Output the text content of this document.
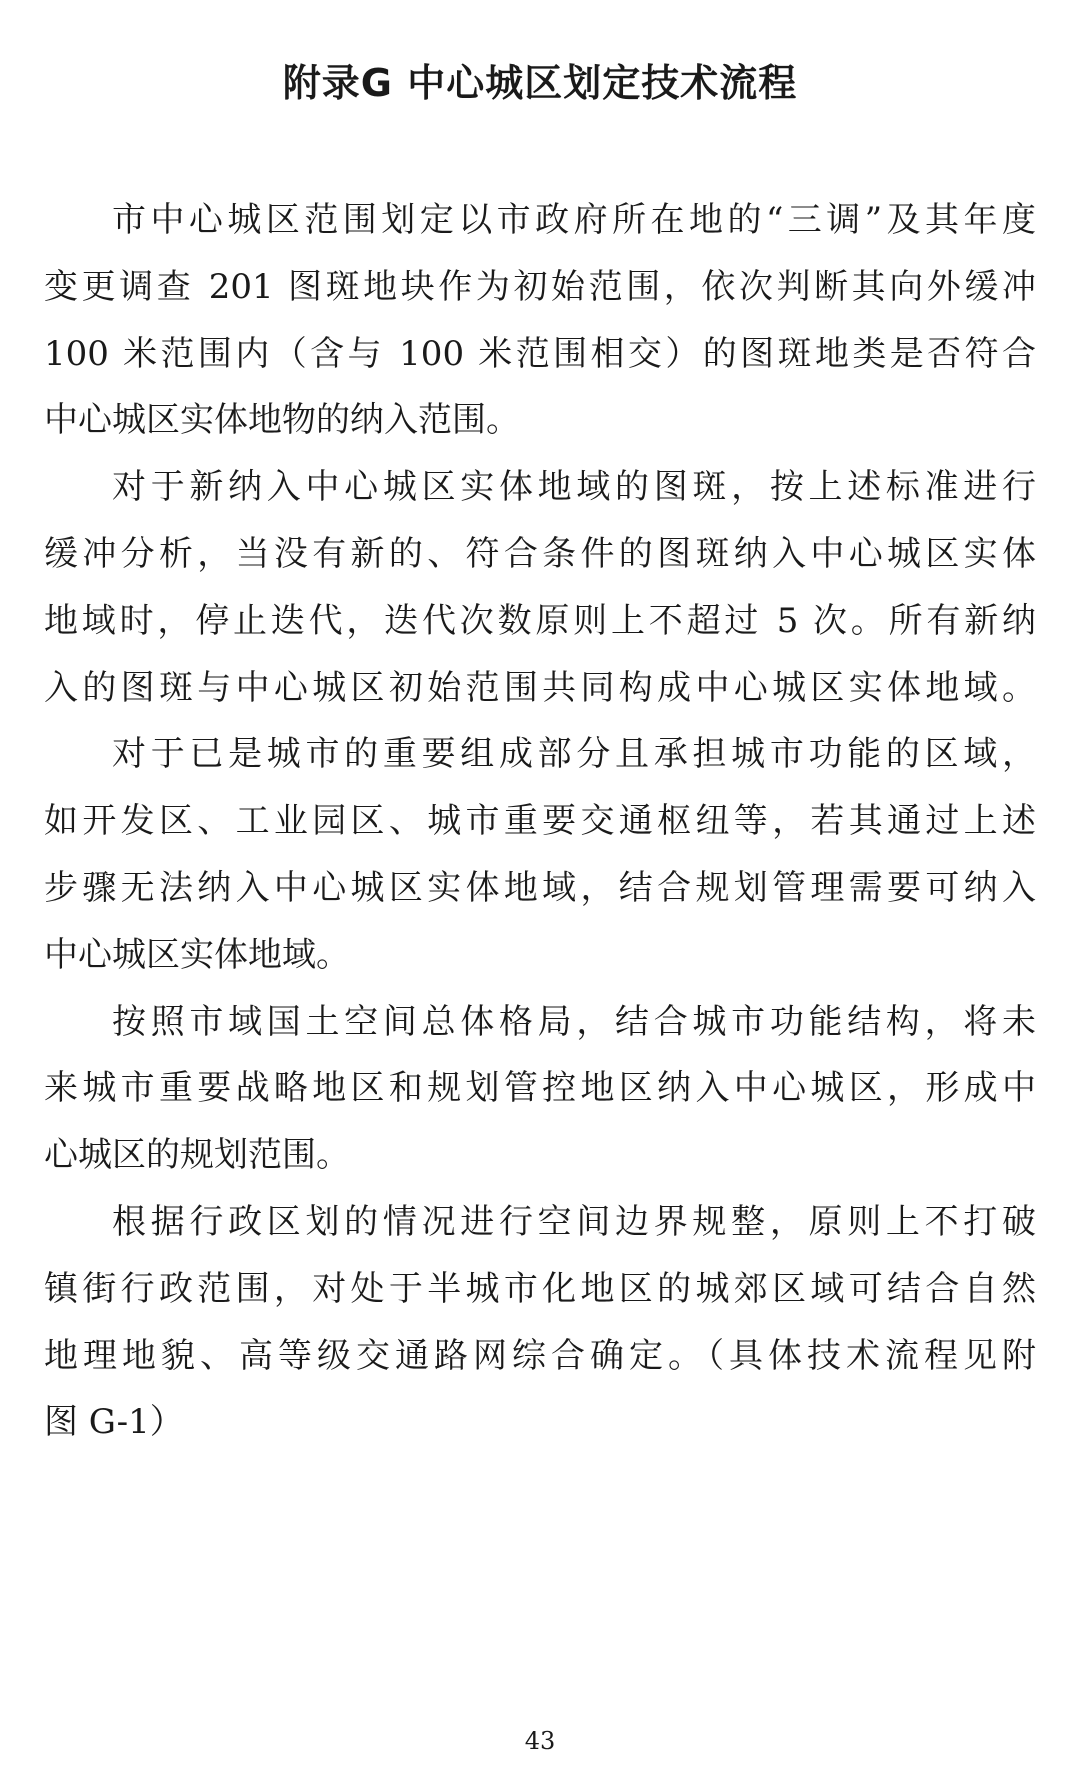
附录G 中心城区划定技术流程
市中心城区范围划定以市政府所在地的“三调”及其年度
变更调查 201 图斑地块作为初始范围，依次判断其向外缓冲
100 米范围内（含与 100 米范围相交）的图斑地类是否符合
中心城区实体地物的纳入范围。
对于新纳入中心城区实体地域的图斑，按上述标准进行
缓冲分析，当没有新的、符合条件的图斑纳入中心城区实体
地域时，停止迭代，迭代次数原则上不超过 5 次。所有新纳
入的图斑与中心城区初始范围共同构成中心城区实体地域。
对于已是城市的重要组成部分且承担城市功能的区域，
如开发区、工业园区、城市重要交通枢纽等，若其通过上述
步骤无法纳入中心城区实体地域，结合规划管理需要可纳入
中心城区实体地域。
按照市域国土空间总体格局，结合城市功能结构，将未
来城市重要战略地区和规划管控地区纳入中心城区，形成中
心城区的规划范围。
根据行政区划的情况进行空间边界规整，原则上不打破
镇街行政范围，对处于半城市化地区的城郊区域可结合自然
地理地貌、高等级交通路网综合确定。（具体技术流程见附
图 G-1）
43
